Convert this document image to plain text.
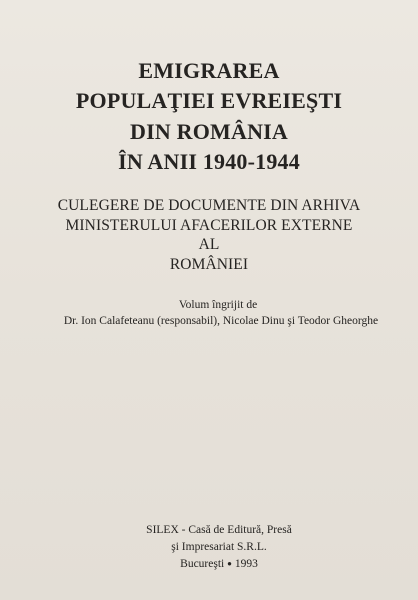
EMIGRAREA
POPULAŢIEI EVREIEŞTI
DIN ROMÂNIA
ÎN ANII 1940-1944
CULEGERE DE DOCUMENTE DIN ARHIVA
MINISTERULUI AFACERILOR EXTERNE
AL
ROMÂNIEI
Volum îngrijit de
Dr. Ion Calafeteanu (responsabil), Nicolae Dinu şi Teodor Gheorghe
SILEX - Casă de Editură, Presă
şi Impresariat S.R.L.
Bucureşti ● 1993
